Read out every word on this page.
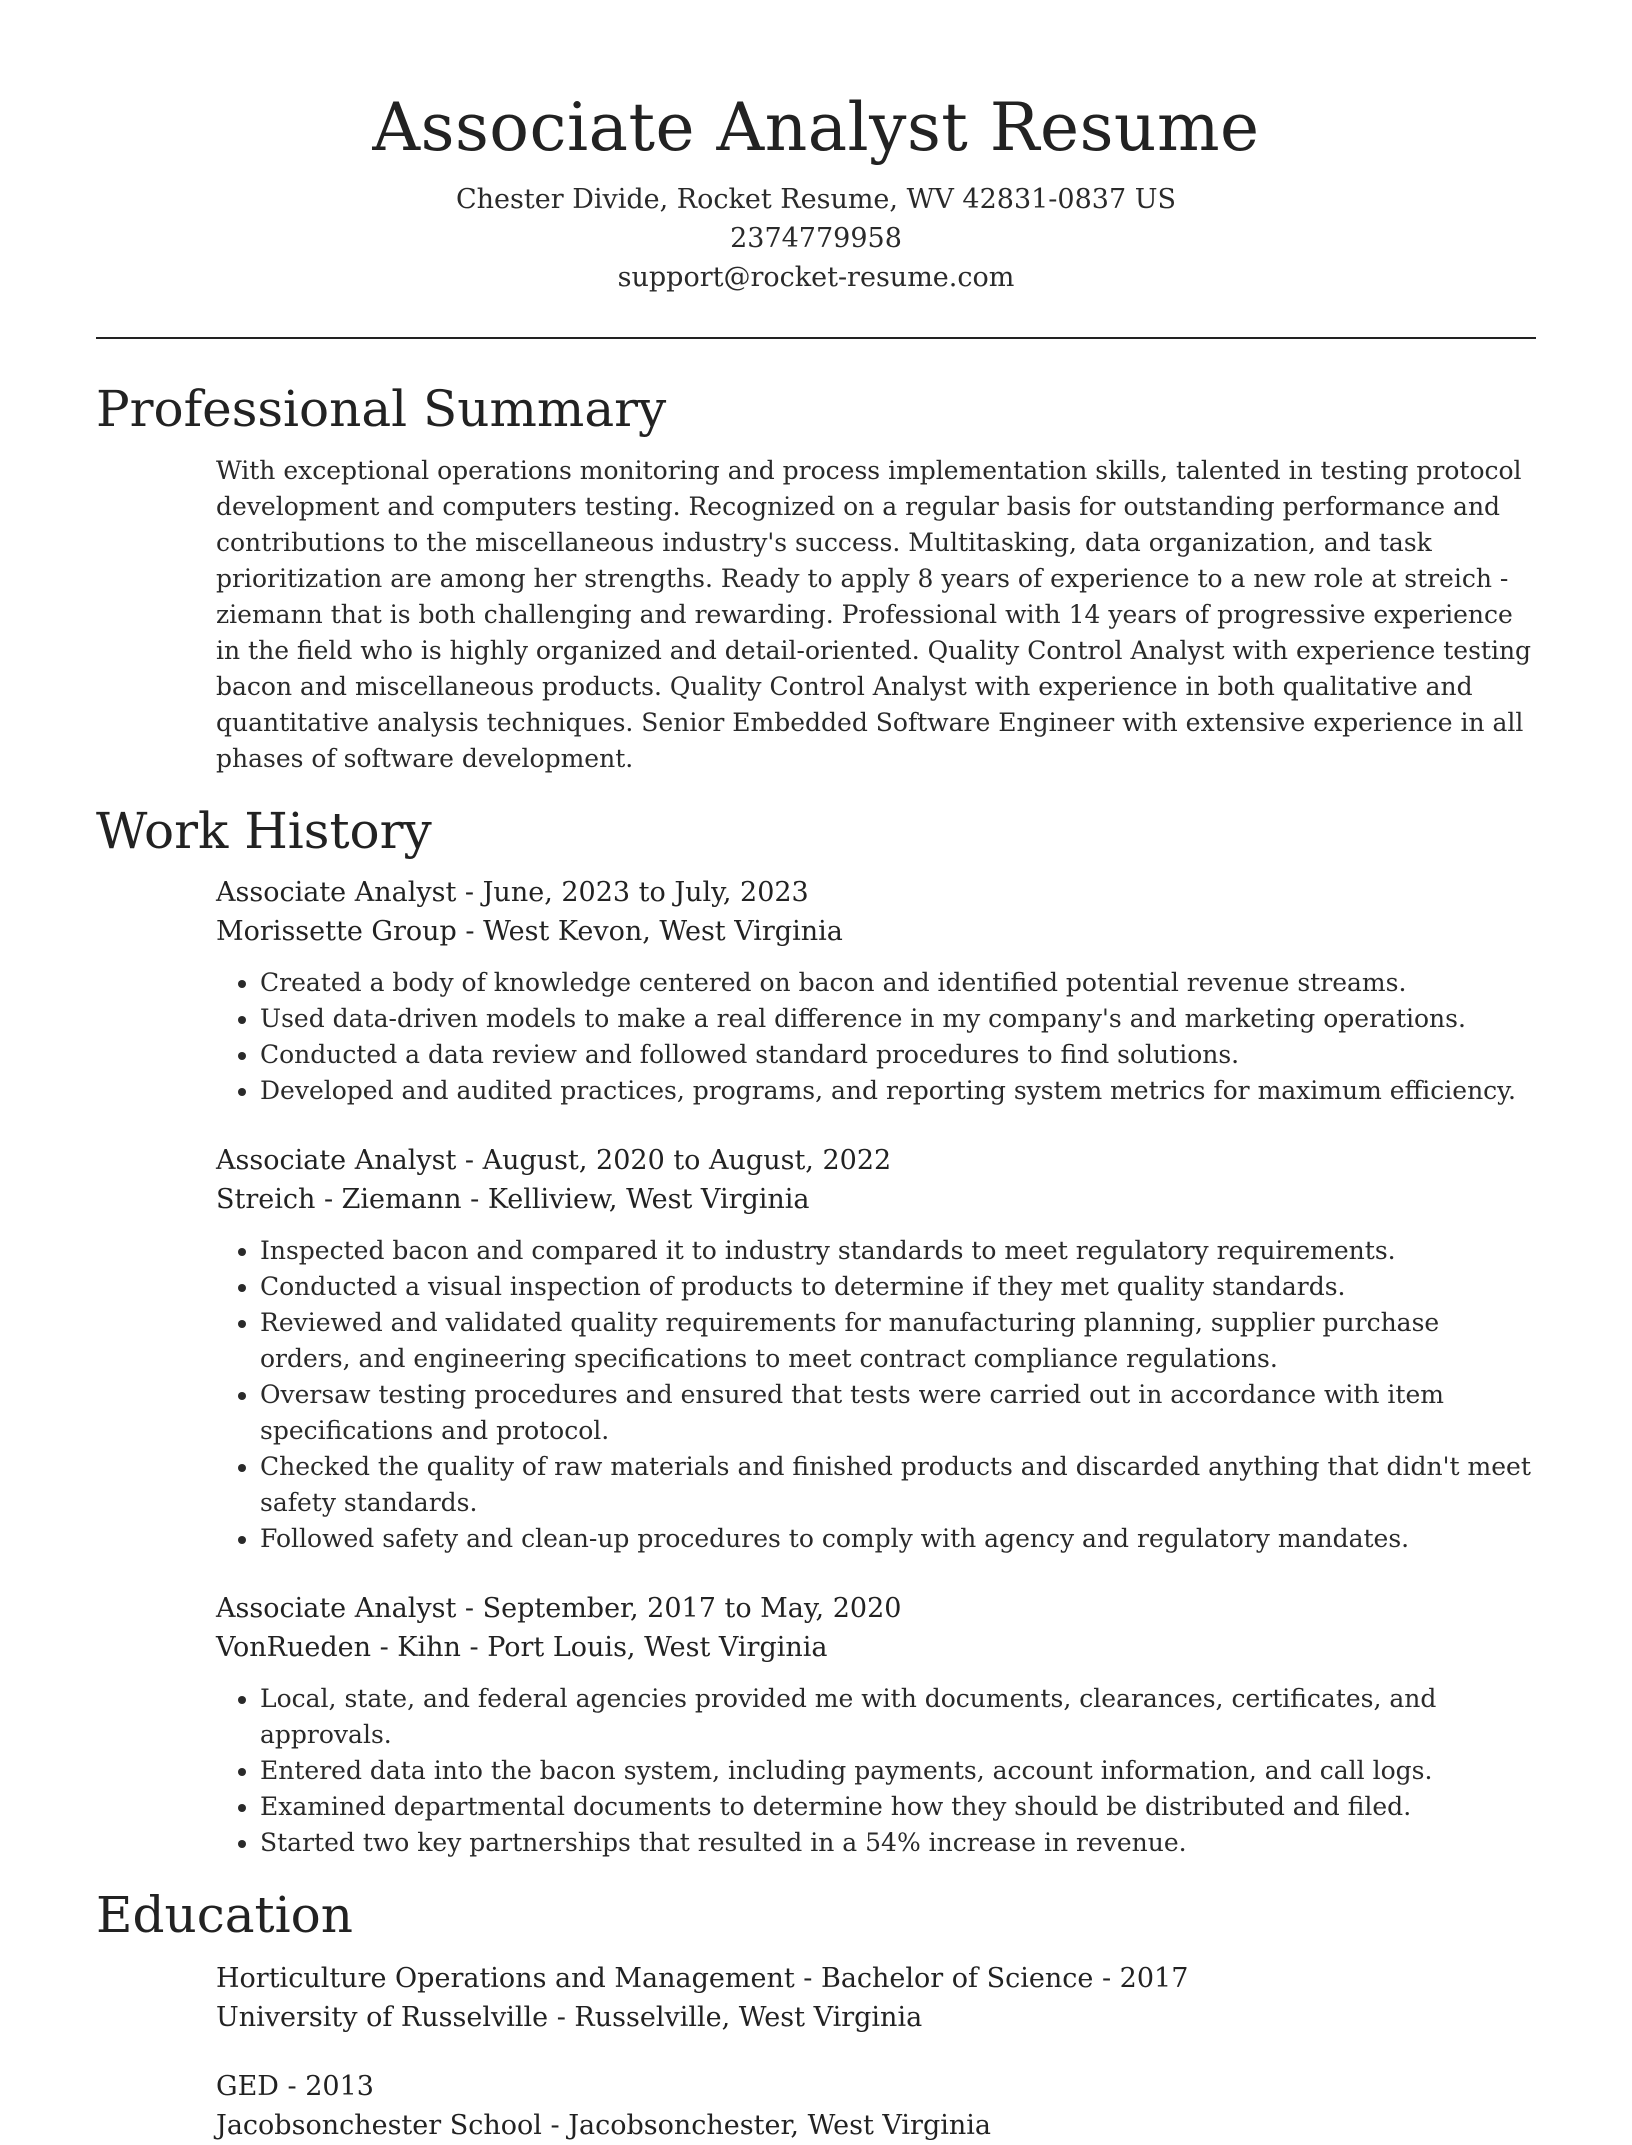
Associate Analyst Resume
Chester Divide, Rocket Resume, WV 42831-0837 US
2374779958
support@rocket-resume.com
Professional Summary

With exceptional operations monitoring and process implementation skills, talented in testing protocol development and computers testing. Recognized on a regular basis for outstanding performance and contributions to the miscellaneous industry's success. Multitasking, data organization, and task prioritization are among her strengths. Ready to apply 8 years of experience to a new role at streich - ziemann that is both challenging and rewarding. Professional with 14 years of progressive experience in the field who is highly organized and detail-oriented. Quality Control Analyst with experience testing bacon and miscellaneous products. Quality Control Analyst with experience in both qualitative and quantitative analysis techniques. Senior Embedded Software Engineer with extensive experience in all phases of software development.

Work History
Associate Analyst - June, 2023 to July, 2023
Morissette Group - West Kevon, West Virginia
• Created a body of knowledge centered on bacon and identified potential revenue streams.
• Used data-driven models to make a real difference in my company's and marketing operations.
• Conducted a data review and followed standard procedures to find solutions.
• Developed and audited practices, programs, and reporting system metrics for maximum efficiency.
Associate Analyst - August, 2020 to August, 2022
Streich - Ziemann - Kelliview, West Virginia
• Inspected bacon and compared it to industry standards to meet regulatory requirements.
• Conducted a visual inspection of products to determine if they met quality standards.
• Reviewed and validated quality requirements for manufacturing planning, supplier purchase orders, and engineering specifications to meet contract compliance regulations.
• Oversaw testing procedures and ensured that tests were carried out in accordance with item specifications and protocol.
• Checked the quality of raw materials and finished products and discarded anything that didn't meet safety standards.
• Followed safety and clean-up procedures to comply with agency and regulatory mandates.
Associate Analyst - September, 2017 to May, 2020
VonRueden - Kihn - Port Louis, West Virginia
• Local, state, and federal agencies provided me with documents, clearances, certificates, and approvals.
• Entered data into the bacon system, including payments, account information, and call logs.
• Examined departmental documents to determine how they should be distributed and filed.
• Started two key partnerships that resulted in a 54% increase in revenue.
Education
Horticulture Operations and Management - Bachelor of Science - 2017
University of Russelville - Russelville, West Virginia
GED - 2013
Jacobsonchester School - Jacobsonchester, West Virginia
